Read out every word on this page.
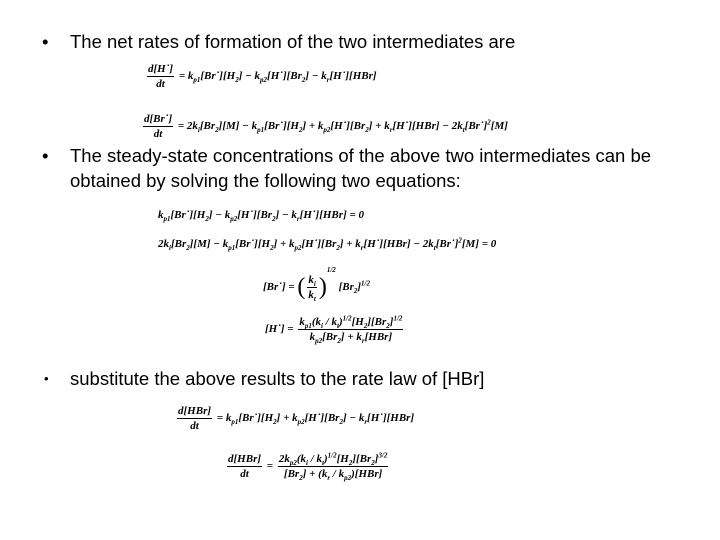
• The net rates of formation of the two intermediates are
$\frac{d[H˙]}{dt}$ = $k_{p1}[Br˙][H_2]$ − $k_{p2}[H˙][Br_2]$ − $k_r[H˙][HBr]$
$\frac{d[Br˙]}{dt} = 2k_i[Br_2][M]$ − $k_{p1}[Br˙][H_2]$ + $k_{p2}[H˙][Br_2]$ + $k_r[H˙][HBr]$ − $2k_t[Br˙]^2[M]$
• The steady-state concentrations of the above two intermediates can be obtained by solving the following two equations:
$k_{p1}[Br˙][H_2]$ − $k_{p2}[H˙][Br_2]$ − $k_r[H˙][HBr] = 0$
$2k_i[Br_2][M]$ − $k_{p1}[Br˙][H_2]$ + $k_{p2}[H˙][Br_2]$ + $k_r[H˙][HBr]$ − $2k_t[Br˙]^2[M] = 0$
[Br˙] = ( $\frac{k_i}{k_t} )^{1/2}$ $[Br_2]^{1/2}$
[H˙] =
$k_{p1}(k_i / k_t)^{1/2}[H_2][Br_2]^{1/2}$
$k_{p2}[Br_2] + k_r[HBr]$
• substitute the above results to the rate law of [HBr]
d[HBr]
dt
= $k_{p1}[Br˙][H_2]$ + $k_{p2}[H˙][Br_2]$ − $k_r[H˙][HBr]$
d[HBr]
dt
=
$2k_{p2}(k_i / k_t)^{1/2}[H_2][Br_2]^{3/2}$
$[Br_2] + (k_r / k_{p2})[HBr]$
